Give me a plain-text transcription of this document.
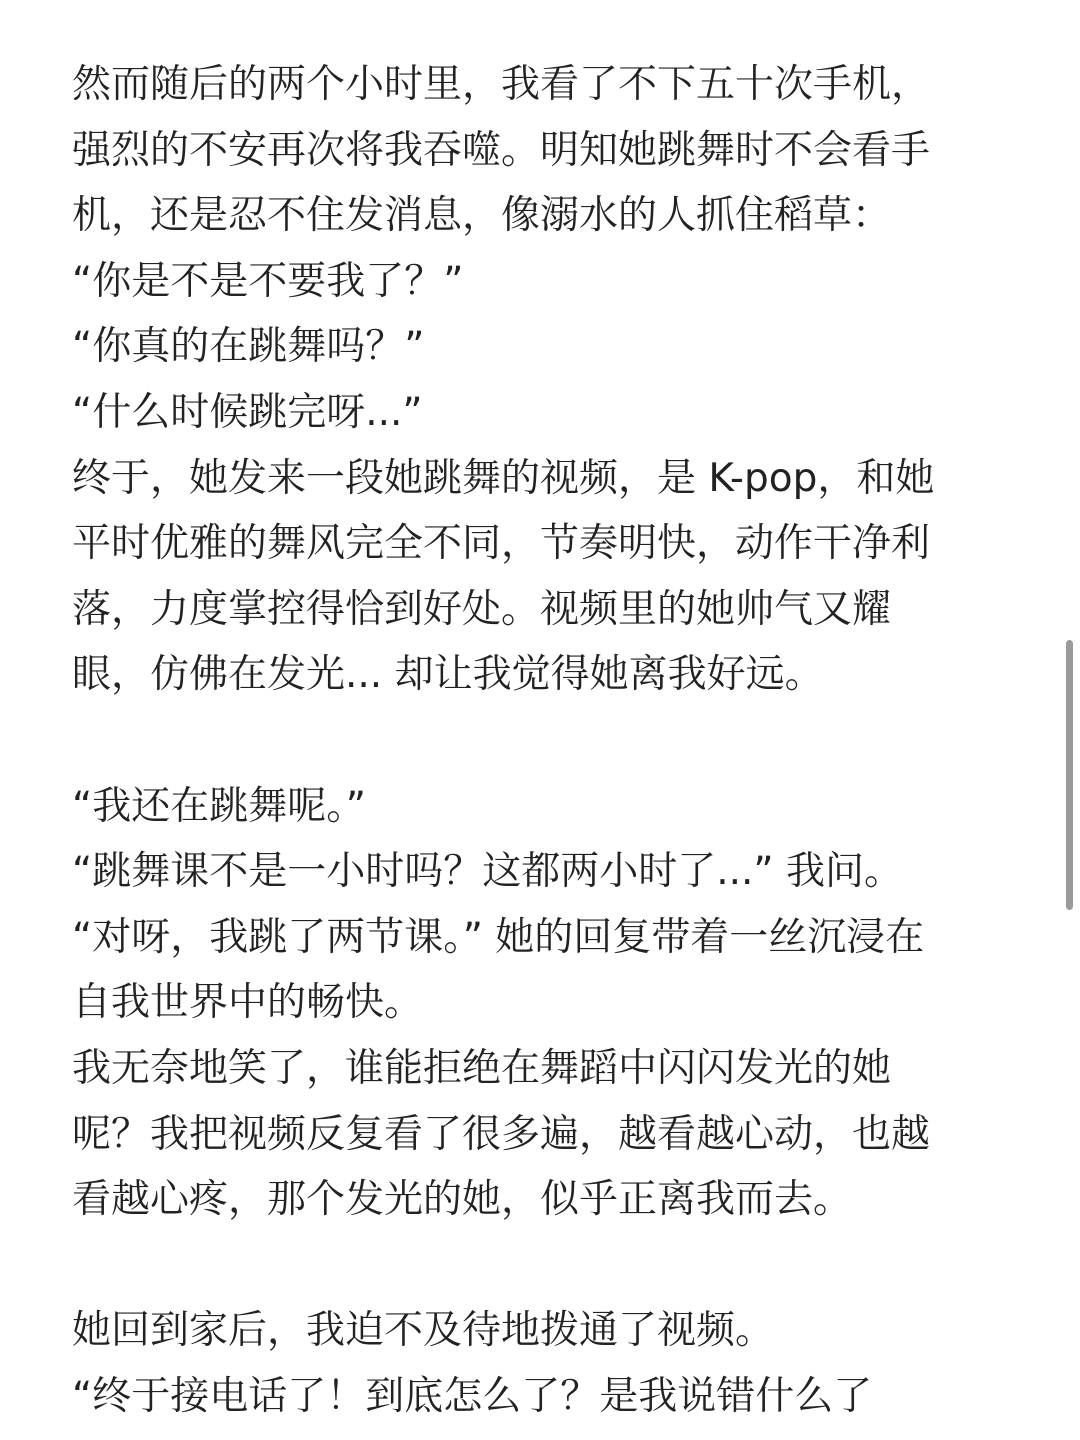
然而随后的两个小时里，我看了不下五十次手机，
强烈的不安再次将我吞噬。明知她跳舞时不会看手
机，还是忍不住发消息，像溺水的人抓住稻草：
“你是不是不要我了？”
“你真的在跳舞吗？”
“什么时候跳完呀...”
终于，她发来一段她跳舞的视频，是 K-pop，和她
平时优雅的舞风完全不同，节奏明快，动作干净利
落，力度掌控得恰到好处。视频里的她帅气又耀
眼，仿佛在发光... 却让我觉得她离我好远。
“我还在跳舞呢。”
“跳舞课不是一小时吗？这都两小时了...” 我问。
“对呀，我跳了两节课。” 她的回复带着一丝沉浸在
自我世界中的畅快。
我无奈地笑了，谁能拒绝在舞蹈中闪闪发光的她
呢？我把视频反复看了很多遍，越看越心动，也越
看越心疼，那个发光的她，似乎正离我而去。
她回到家后，我迫不及待地拨通了视频。
“终于接电话了！到底怎么了？是我说错什么了
